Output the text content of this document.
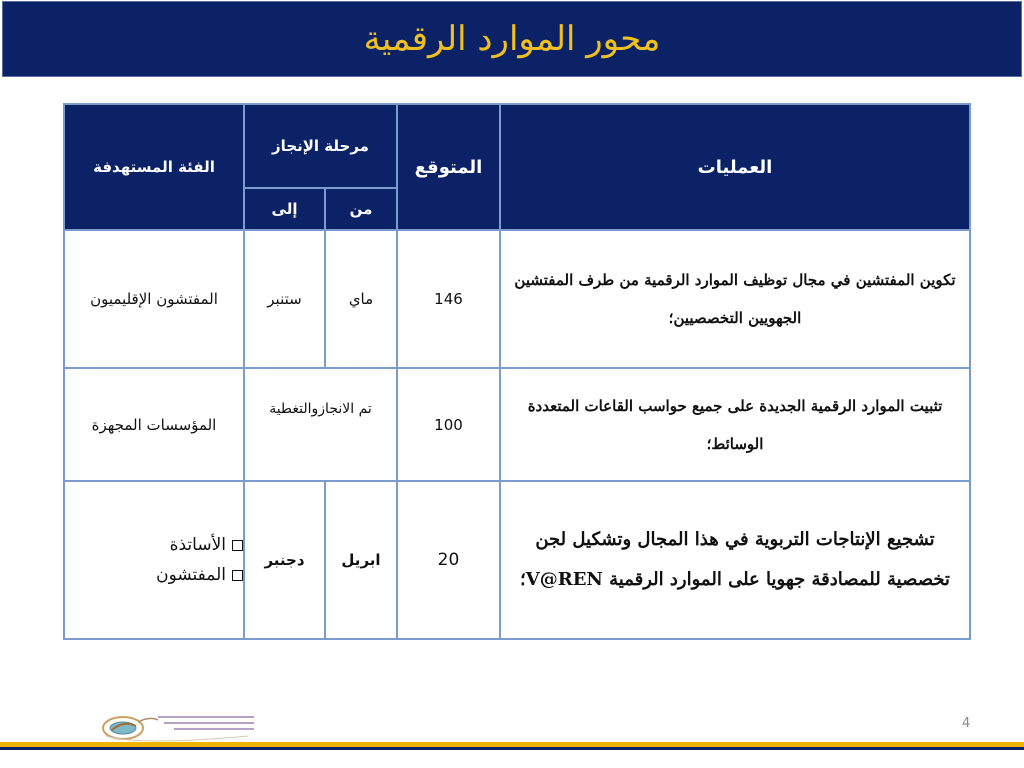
محور الموارد الرقمية
العمليات	المتوقع	مرحلة الإنجاز		الفئة المستهدفة
		من	إلى	
تكوين المفتشين في مجال توظيف الموارد الرقمية من طرف المفتشين الجهويين التخصصيين؛	146	ماي	ستنبر	المفتشون الإقليميون
تثبيت الموارد الرقمية الجديدة على جميع حواسب القاعات المتعددة الوسائط؛	100	تم الانجازوالتغطية		المؤسسات المجهزة
تشجيع الإنتاجات التربوية في هذا المجال وتشكيل لجن تخصصية للمصادقة جهويا على الموارد الرقمية V@REN؛	20	ابريل	دجنبر	الأساتذة
المفتشون
4
